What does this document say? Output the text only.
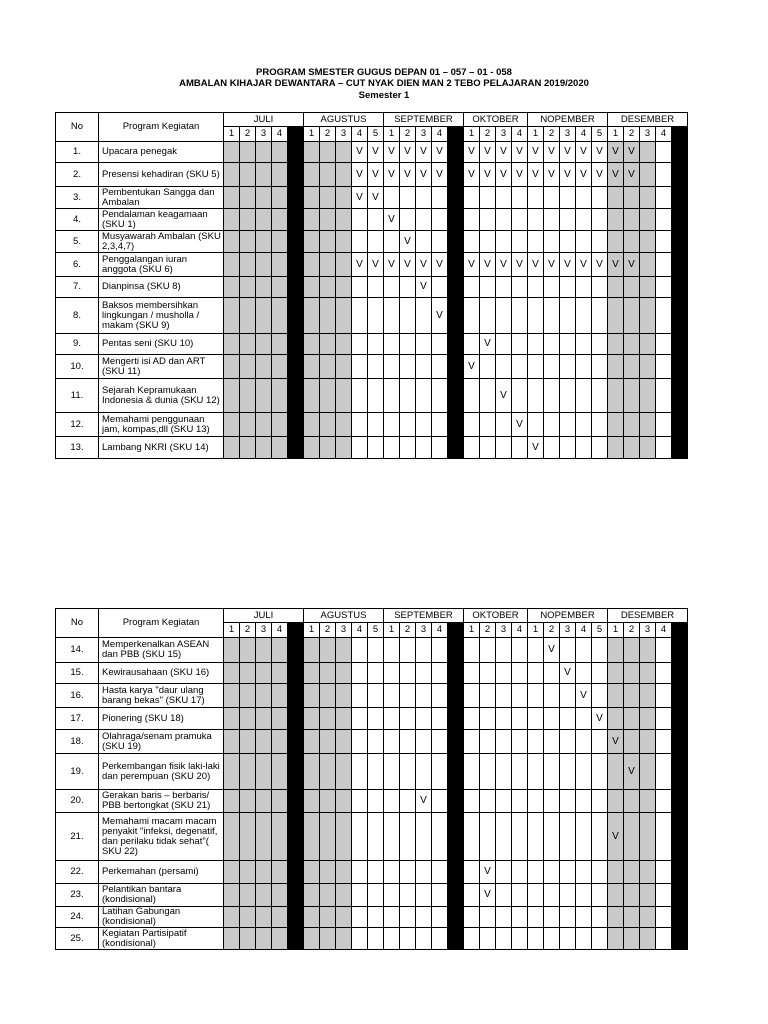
PROGRAM SMESTER GUGUS DEPAN 01 – 057 – 01 - 058
AMBALAN KIHAJAR DEWANTARA – CUT NYAK DIEN MAN 2 TEBO PELAJARAN 2019/2020
Semester 1
No	Program Kegiatan	JULI					AGUSTUS					SEPTEMBER					OKTOBER				NOPEMBER					DESEMBER				
		1	2	3	4		1	2	3	4	5	1	2	3	4		1	2	3	4	1	2	3	4	5	1	2	3	4	
1.	Upacara penegak									V	V	V	V	V	V		V	V	V	V	V	V	V	V	V	V	V			
2.	Presensi kehadiran (SKU 5)									V	V	V	V	V	V		V	V	V	V	V	V	V	V	V	V	V			
3.	Pembentukan Sangga dan Ambalan									V	V																			
4.	Pendalaman keagamaan (SKU 1)											V																		
5.	Musyawarah Ambalan (SKU 2,3,4,7)												V																	
6.	Penggalangan iuran anggota (SKU 6)									V	V	V	V	V	V		V	V	V	V	V	V	V	V	V	V	V			
7.	Dianpinsa (SKU 8)													V																
8.	Baksos membersihkan lingkungan / musholla / makam (SKU 9)														V															
9.	Pentas seni (SKU 10)																	V												
10.	Mengerti isi AD dan ART (SKU 11)																V													
11.	Sejarah Kepramukaan Indonesia & dunia (SKU 12)																		V											
12.	Memahami penggunaan jam, kompas,dll (SKU 13)																			V										
13.	Lambang NKRI (SKU 14)																				V									
No	Program Kegiatan	JULI					AGUSTUS					SEPTEMBER					OKTOBER				NOPEMBER					DESEMBER				
		1	2	3	4		1	2	3	4	5	1	2	3	4		1	2	3	4	1	2	3	4	5	1	2	3	4	
14.	Memperkenalkan ASEAN dan PBB (SKU 15)																					V								
15.	Kewirausahaan (SKU 16)																						V							
16.	Hasta karya "daur ulang barang bekas" (SKU 17)																							V						
17.	Pionering (SKU 18)																								V					
18.	Olahraga/senam pramuka (SKU 19)																									V				
19.	Perkembangan fisik laki-laki dan perempuan (SKU 20)																										V			
20.	Gerakan baris – berbaris/ PBB bertongkat (SKU 21)													V																
21.	Memahami macam macam penyakit "infeksi, degenatif, dan perilaku tidak sehat"( SKU 22)																									V				
22.	Perkemahan (persami)																	V												
23.	Pelantikan bantara (kondisional)																	V												
24.	Latihan Gabungan (kondisional)																													
25.	Kegiatan Partisipatif (kondisional)																													
